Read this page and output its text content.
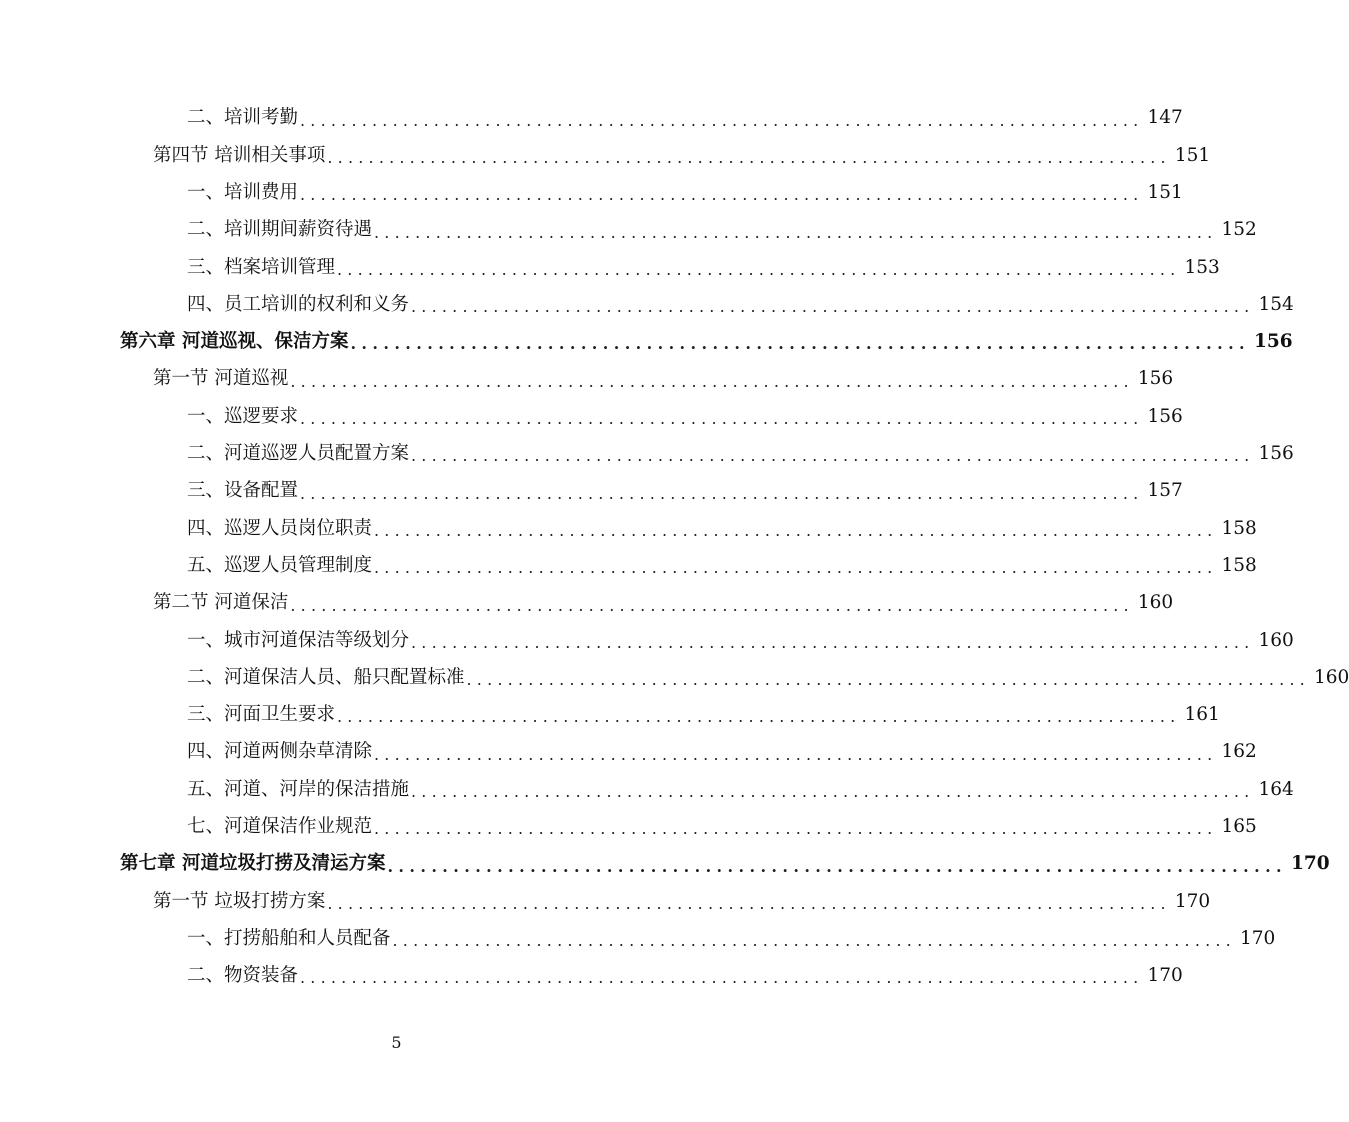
二、培训考勤 .................................................................................. 147
第四节 培训相关事项 .................................................................................. 151
一、培训费用 .................................................................................. 151
二、培训期间薪资待遇 .................................................................................. 152
三、档案培训管理 .................................................................................. 153
四、员工培训的权利和义务 .................................................................................. 154
第六章 河道巡视、保洁方案 .................................................................................. 156
第一节 河道巡视 .................................................................................. 156
一、巡逻要求 .................................................................................. 156
二、河道巡逻人员配置方案 .................................................................................. 156
三、设备配置 .................................................................................. 157
四、巡逻人员岗位职责 .................................................................................. 158
五、巡逻人员管理制度 .................................................................................. 158
第二节 河道保洁 .................................................................................. 160
一、城市河道保洁等级划分 .................................................................................. 160
二、河道保洁人员、船只配置标准 .................................................................................. 160
三、河面卫生要求 .................................................................................. 161
四、河道两侧杂草清除 .................................................................................. 162
五、河道、河岸的保洁措施 .................................................................................. 164
七、河道保洁作业规范 .................................................................................. 165
第七章 河道垃圾打捞及清运方案 .................................................................................. 170
第一节 垃圾打捞方案 .................................................................................. 170
一、打捞船舶和人员配备 .................................................................................. 170
二、物资装备 .................................................................................. 170
5
